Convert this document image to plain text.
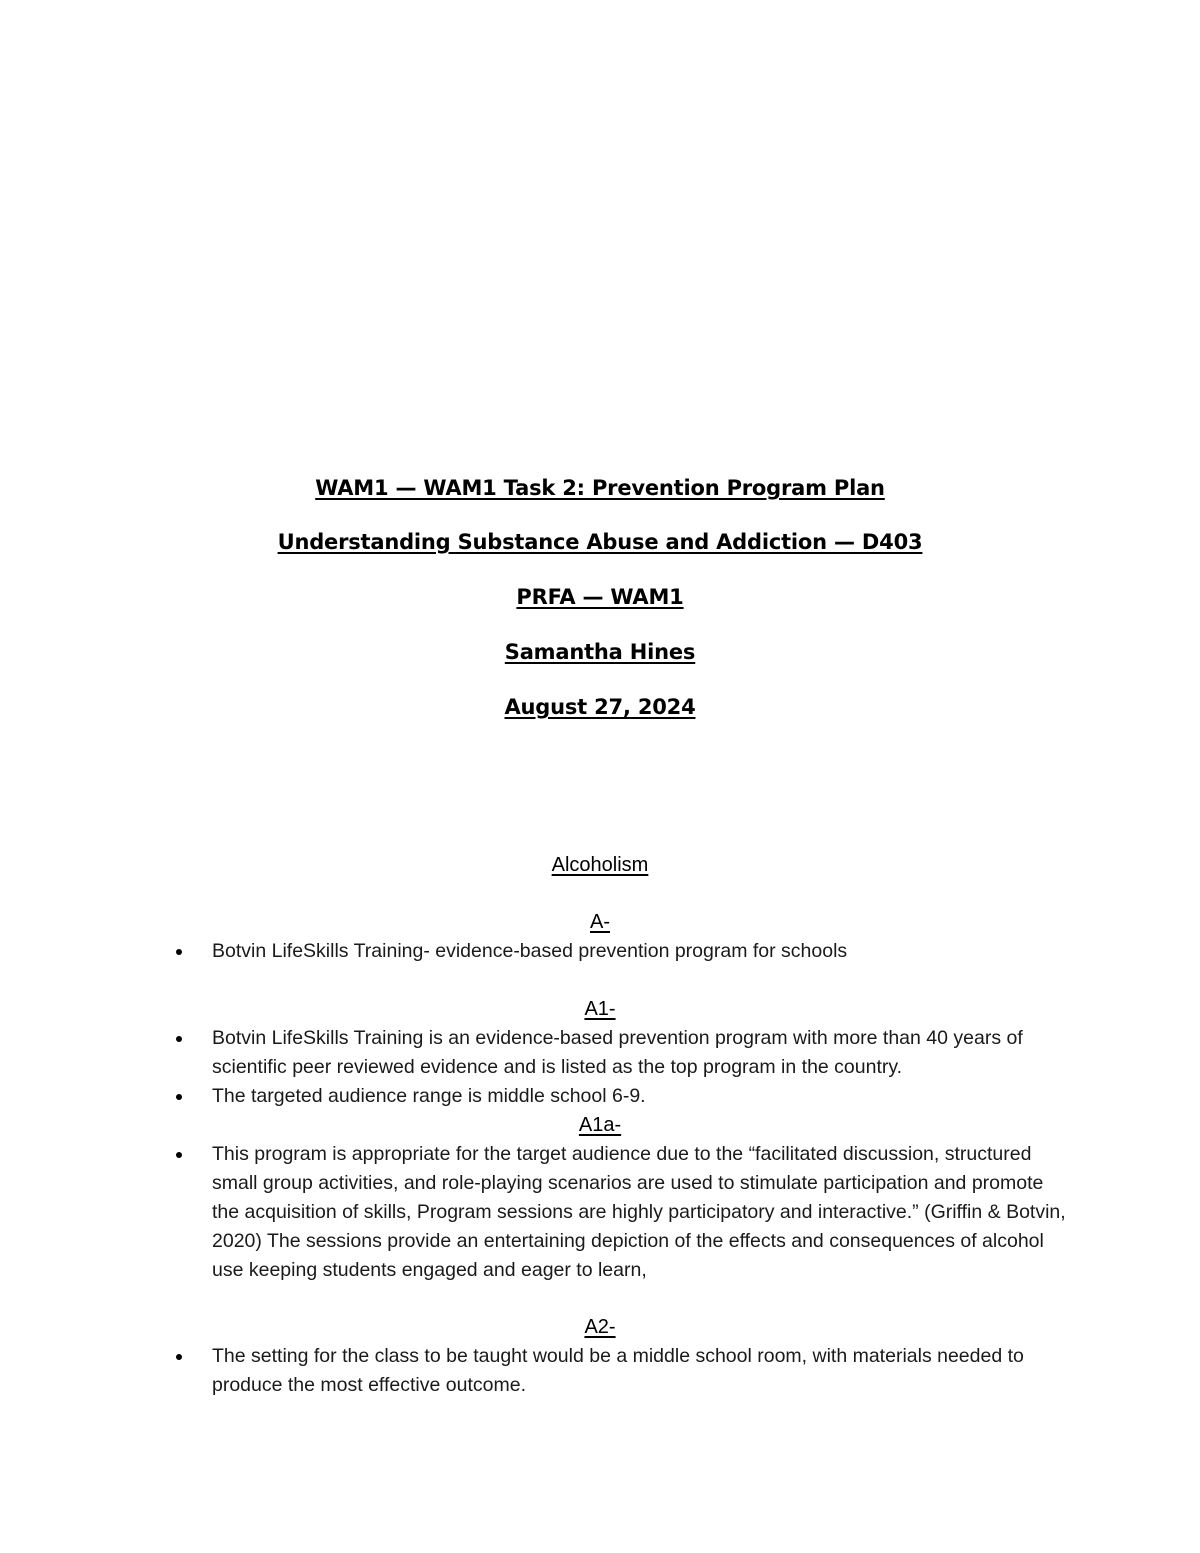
WAM1 — WAM1 Task 2: Prevention Program Plan

Understanding Substance Abuse and Addiction — D403

PRFA — WAM1

Samantha Hines

August 27, 2024

Alcoholism

A-

Botvin LifeSkills Training- evidence-based prevention program for schools

A1-

Botvin LifeSkills Training is an evidence-based prevention program with more than 40 years of scientific peer reviewed evidence and is listed as the top program in the country.
The targeted audience range is middle school 6-9.

A1a-

This program is appropriate for the target audience due to the “facilitated discussion, structured small group activities, and role-playing scenarios are used to stimulate participation and promote the acquisition of skills, Program sessions are highly participatory and interactive.” (Griffin & Botvin, 2020) The sessions provide an entertaining depiction of the effects and consequences of alcohol use keeping students engaged and eager to learn,

A2-

The setting for the class to be taught would be a middle school room, with materials needed to produce the most effective outcome.
